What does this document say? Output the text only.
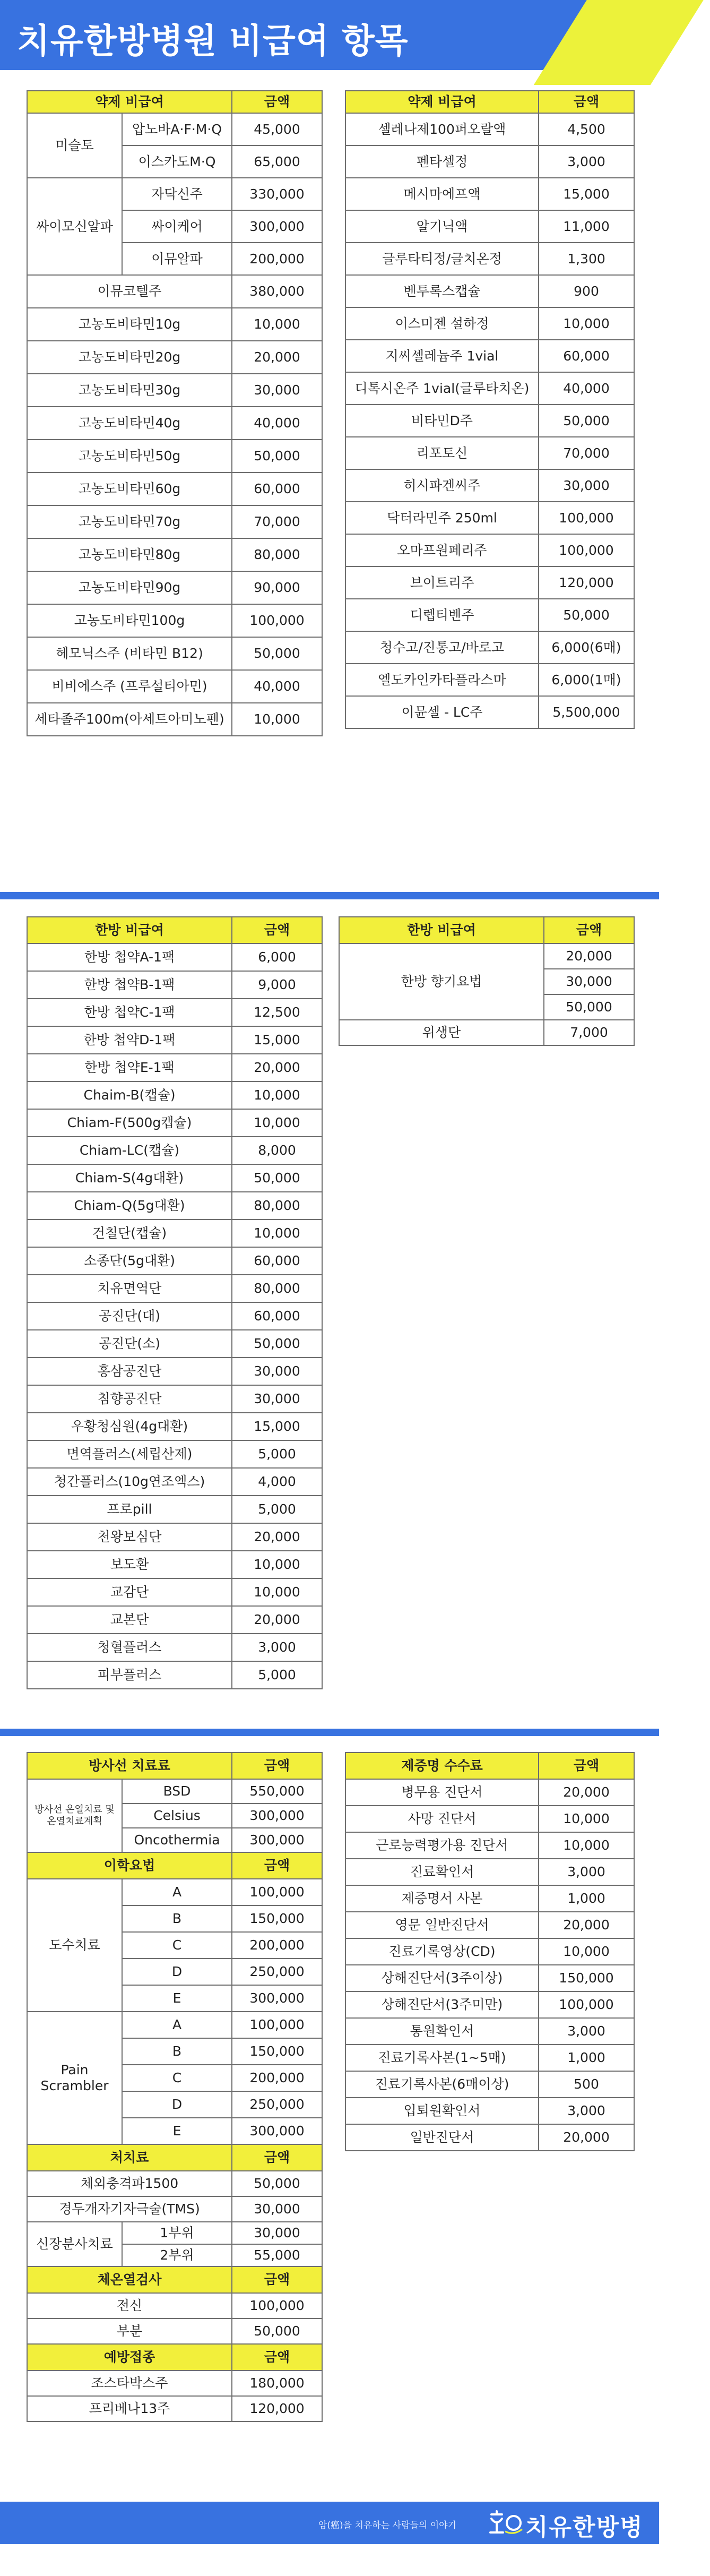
치유한방병원 비급여 항목
약제 비급여		금액
미슬토	압노바A·F·M·Q	45,000
	이스카도M·Q	65,000
싸이모신알파	자닥신주	330,000
	싸이케어	300,000
	이뮤알파	200,000
이뮤코텔주		380,000
고농도비타민10g		10,000
고농도비타민20g		20,000
고농도비타민30g		30,000
고농도비타민40g		40,000
고농도비타민50g		50,000
고농도비타민60g		60,000
고농도비타민70g		70,000
고농도비타민80g		80,000
고농도비타민90g		90,000
고농도비타민100g		100,000
헤모닉스주 (비타민 B12)		50,000
비비에스주 (프루설티아민)		40,000
세타졸주100m(아세트아미노펜)		10,000
약제 비급여	금액
셀레나제100퍼오랄액	4,500
펜타셀정	3,000
메시마에프액	15,000
알기닉액	11,000
글루타티정/글치온정	1,300
벤투록스캡슐	900
이스미젠 설하정	10,000
지씨셀레늄주 1vial	60,000
디톡시온주 1vial(글루타치온)	40,000
비타민D주	50,000
리포토신	70,000
히시파겐씨주	30,000
닥터라민주 250ml	100,000
오마프원페리주	100,000
브이트리주	120,000
디렙티벤주	50,000
청수고/진통고/바로고	6,000(6매)
엘도카인카타플라스마	6,000(1매)
이뮨셀 - LC주	5,500,000
한방 비급여	금액
한방 첩약A-1팩	6,000
한방 첩약B-1팩	9,000
한방 첩약C-1팩	12,500
한방 첩약D-1팩	15,000
한방 첩약E-1팩	20,000
Chaim-B(캡슐)	10,000
Chiam-F(500g캡슐)	10,000
Chiam-LC(캡슐)	8,000
Chiam-S(4g대환)	50,000
Chiam-Q(5g대환)	80,000
건칠단(캡슐)	10,000
소종단(5g대환)	60,000
치유면역단	80,000
공진단(대)	60,000
공진단(소)	50,000
홍삼공진단	30,000
침향공진단	30,000
우황청심원(4g대환)	15,000
면역플러스(세립산제)	5,000
청간플러스(10g연조엑스)	4,000
프로pill	5,000
천왕보심단	20,000
보도환	10,000
교감단	10,000
교본단	20,000
청혈플러스	3,000
피부플러스	5,000
한방 비급여	금액
한방 향기요법	20,000
	30,000
	50,000
위생단	7,000
방사선 치료료		금액
방사선 온열치료 및 온열치료계획	BSD	550,000
	Celsius	300,000
	Oncothermia	300,000
이학요법		금액
도수치료	A	100,000
	B	150,000
	C	200,000
	D	250,000
	E	300,000
Pain Scrambler	A	100,000
	B	150,000
	C	200,000
	D	250,000
	E	300,000
처치료		금액
체외충격파1500		50,000
경두개자기자극술(TMS)		30,000
신장분사치료	1부위	30,000
	2부위	55,000
체온열검사		금액
전신		100,000
부분		50,000
예방접종		금액
조스타박스주		180,000
프리베나13주		120,000
제증명 수수료	금액
병무용 진단서	20,000
사망 진단서	10,000
근로능력평가용 진단서	10,000
진료확인서	3,000
제증명서 사본	1,000
영문 일반진단서	20,000
진료기록영상(CD)	10,000
상해진단서(3주이상)	150,000
상해진단서(3주미만)	100,000
통원확인서	3,000
진료기록사본(1~5매)	1,000
진료기록사본(6매이상)	500
입퇴원확인서	3,000
일반진단서	20,000
암(癌)을 치유하는 사람들의 이야기	치유한방병원
